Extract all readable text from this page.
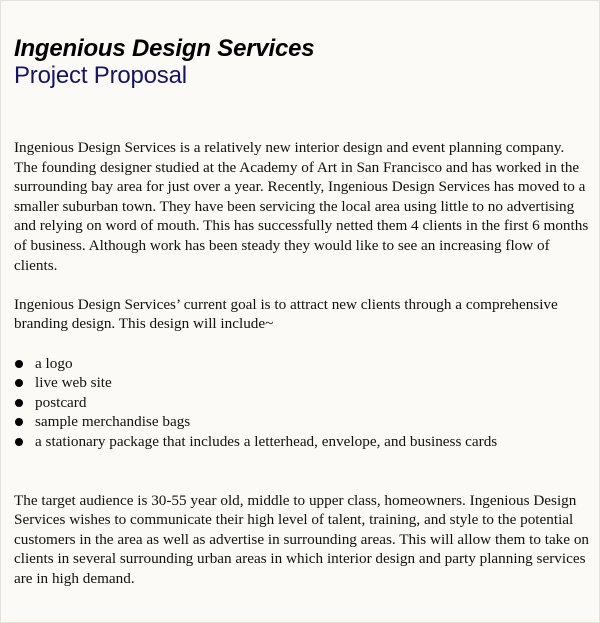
Ingenious Design Services
Project Proposal

Ingenious Design Services is a relatively new interior design and event planning company. The founding designer studied at the Academy of Art in San Francisco and has worked in the surrounding bay area for just over a year. Recently, Ingenious Design Services has moved to a smaller suburban town. They have been servicing the local area using little to no advertising and relying on word of mouth. This has successfully netted them 4 clients in the first 6 months of business. Although work has been steady they would like to see an increasing flow of clients.

Ingenious Design Services’ current goal is to attract new clients through a comprehensive branding design. This design will include~

a logo
live web site
postcard
sample merchandise bags
a stationary package that includes a letterhead, envelope, and business cards

The target audience is 30-55 year old, middle to upper class, homeowners. Ingenious Design Services wishes to communicate their high level of talent, training, and style to the potential customers in the area as well as advertise in surrounding areas. This will allow them to take on clients in several surrounding urban areas in which interior design and party planning services are in high demand.
